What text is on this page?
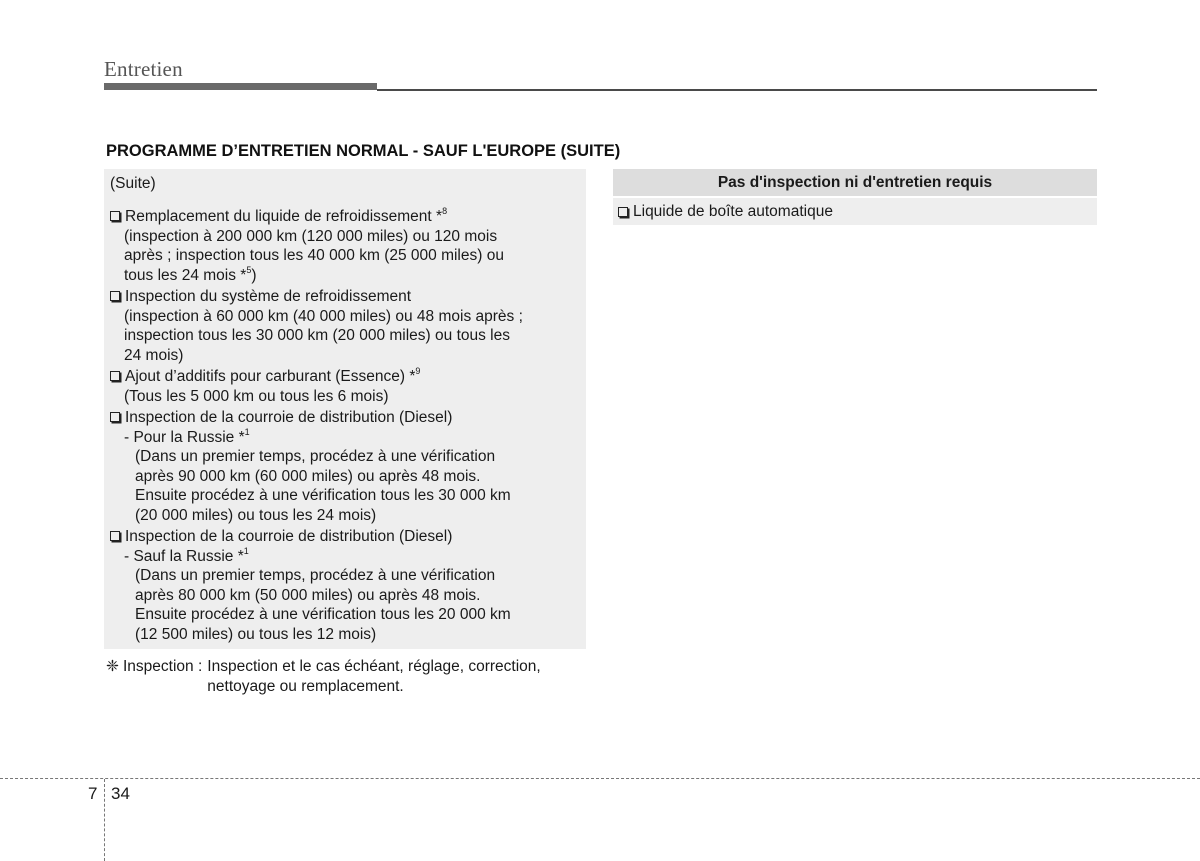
Entretien
PROGRAMME D’ENTRETIEN NORMAL - SAUF L'EUROPE (SUITE)
(Suite)
Remplacement du liquide de refroidissement *$^8$
(inspection à 200 000 km (120 000 miles) ou 120 mois
après ; inspection tous les 40 000 km (25 000 miles) ou
tous les 24 mois *$^5$)
Inspection du système de refroidissement
(inspection à 60 000 km (40 000 miles) ou 48 mois après ;
inspection tous les 30 000 km (20 000 miles) ou tous les
24 mois)
Ajout d’additifs pour carburant (Essence) *$^9$
(Tous les 5 000 km ou tous les 6 mois)
Inspection de la courroie de distribution (Diesel)
- Pour la Russie *$^1$
(Dans un premier temps, procédez à une vérification
après 90 000 km (60 000 miles) ou après 48 mois.
Ensuite procédez à une vérification tous les 30 000 km
(20 000 miles) ou tous les 24 mois)
Inspection de la courroie de distribution (Diesel)
- Sauf la Russie *$^1$
(Dans un premier temps, procédez à une vérification
après 80 000 km (50 000 miles) ou après 48 mois.
Ensuite procédez à une vérification tous les 20 000 km
(12 500 miles) ou tous les 12 mois)
❈ Inspection : Inspection et le cas échéant, réglage, correction,
nettoyage ou remplacement.
Pas d'inspection ni d'entretien requis
Liquide de boîte automatique
7 34
